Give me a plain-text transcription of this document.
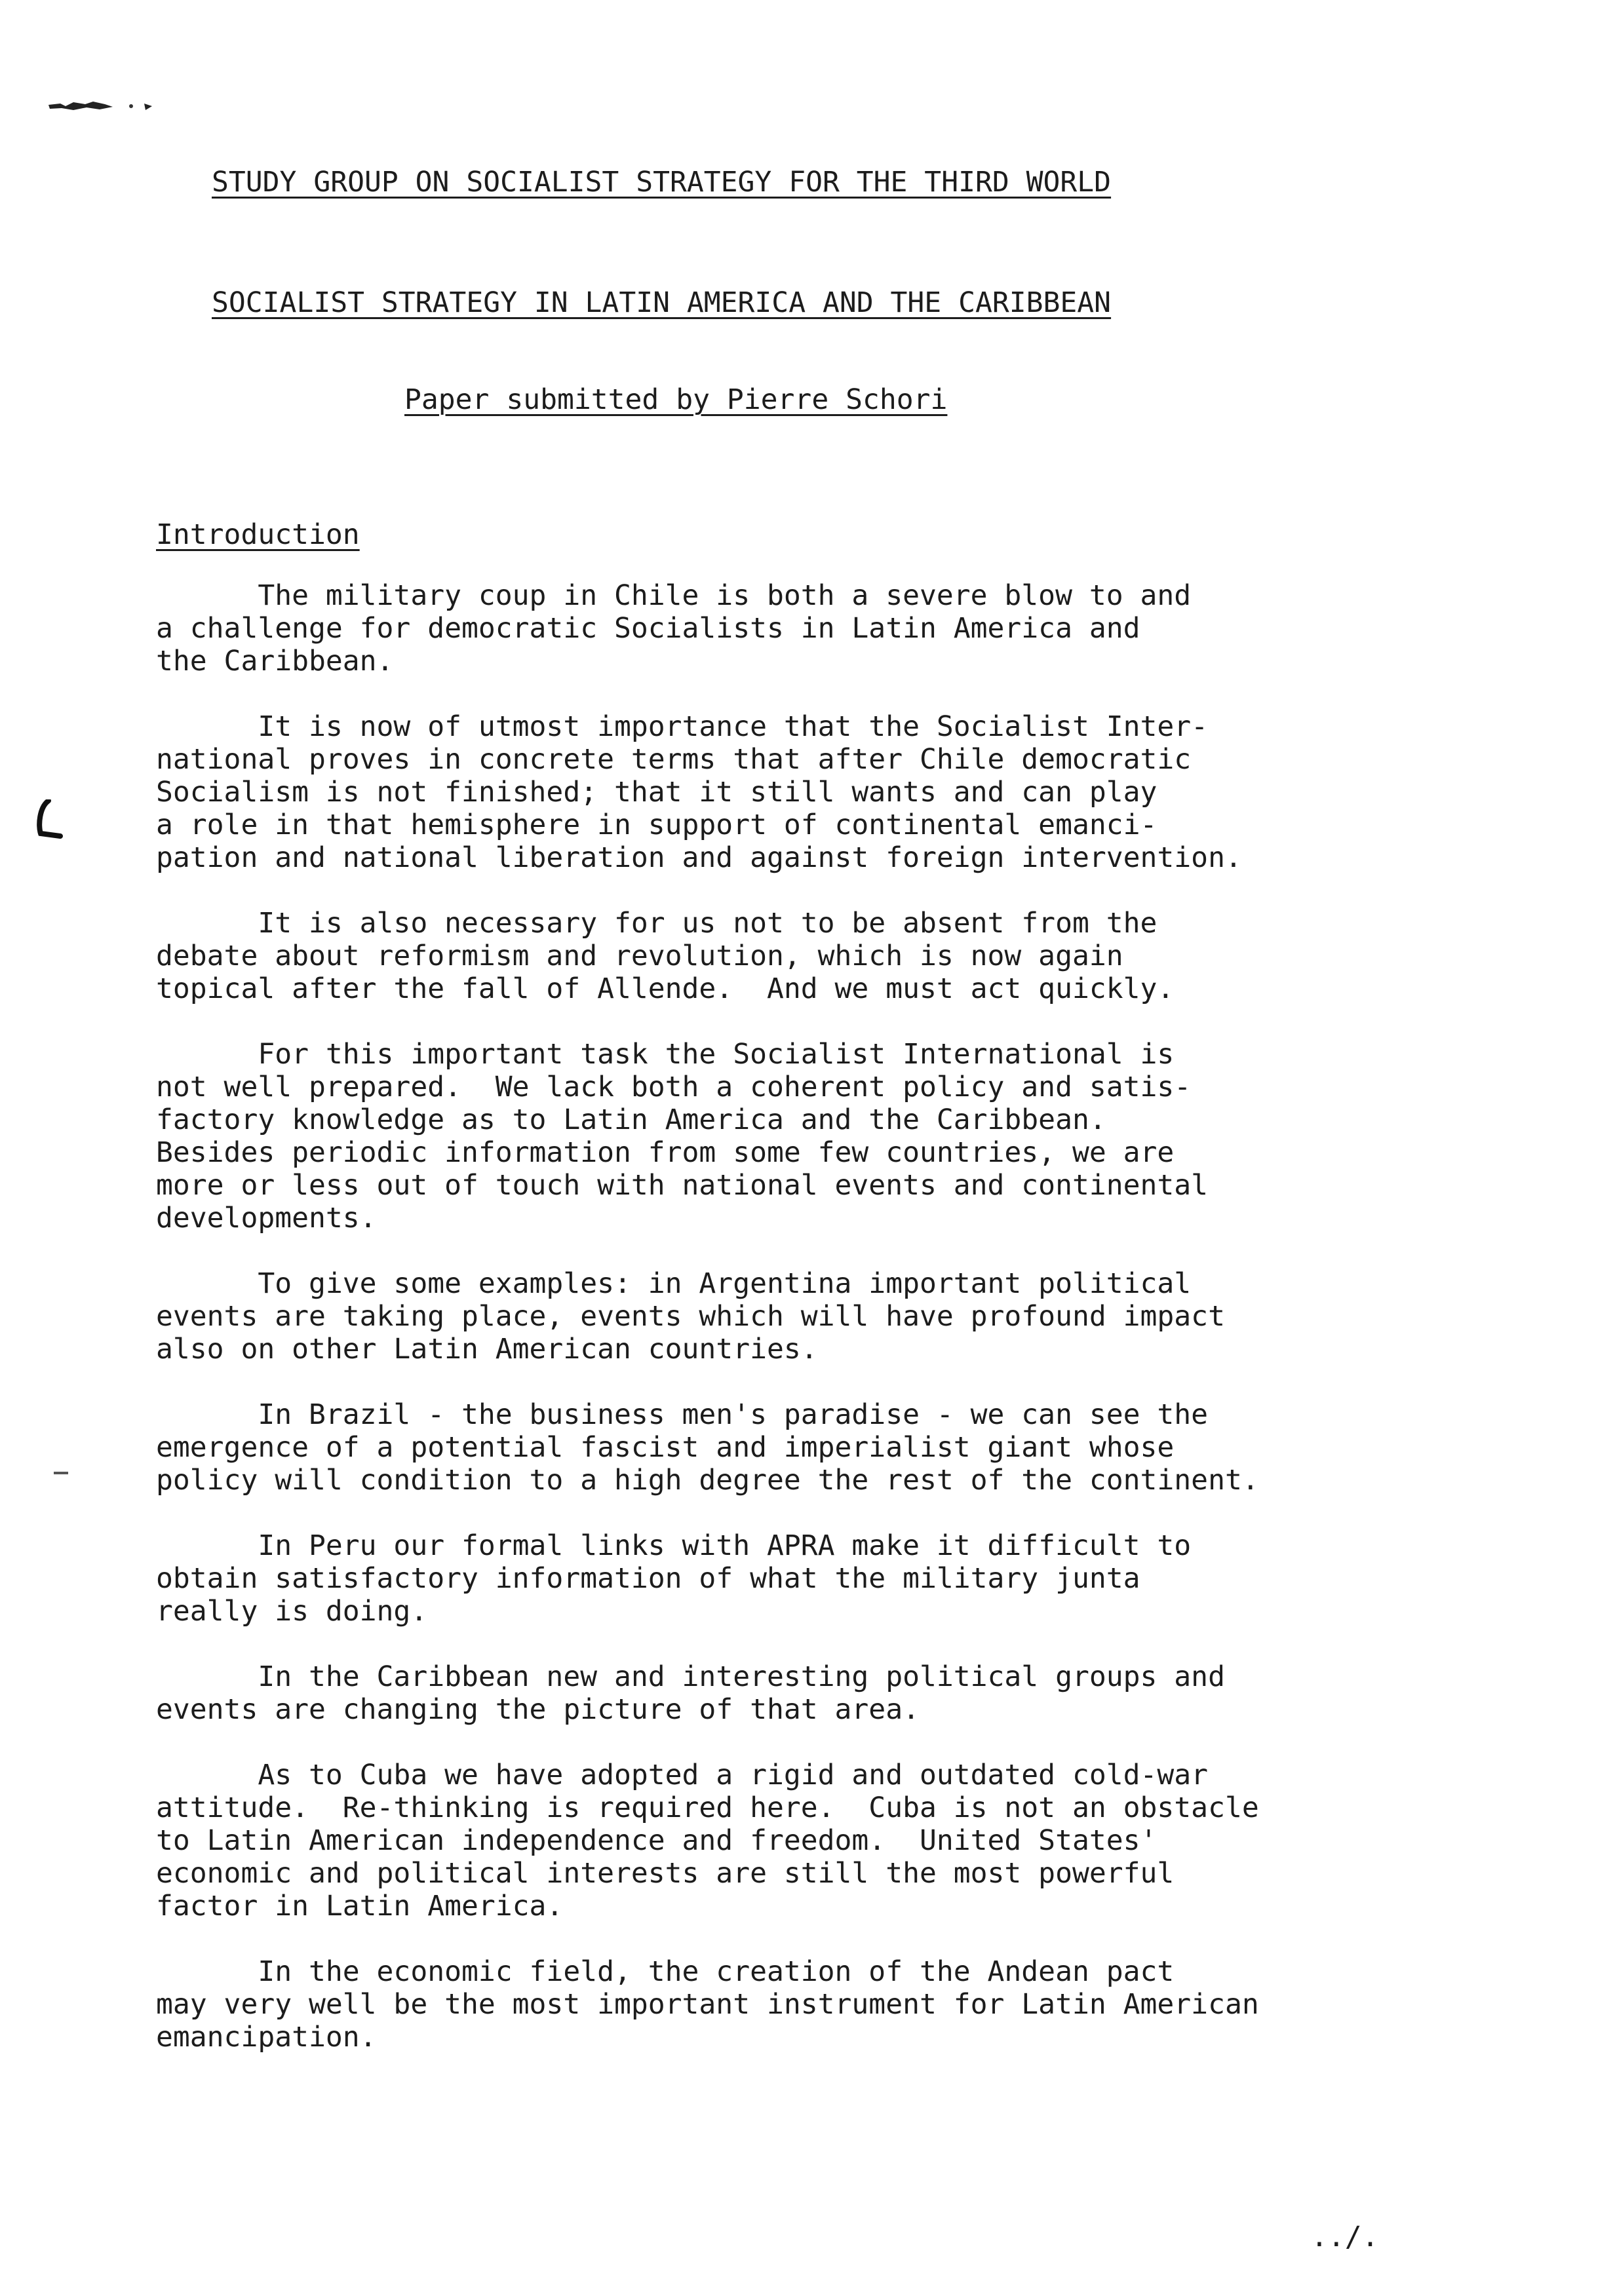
STUDY GROUP ON SOCIALIST STRATEGY FOR THE THIRD WORLD
SOCIALIST STRATEGY IN LATIN AMERICA AND THE CARIBBEAN
Paper submitted by Pierre Schori
Introduction

The military coup in Chile is both a severe blow to and
a challenge for democratic Socialists in Latin America and
the Caribbean.

It is now of utmost importance that the Socialist Inter-
national proves in concrete terms that after Chile democratic
Socialism is not finished; that it still wants and can play
a role in that hemisphere in support of continental emanci-
pation and national liberation and against foreign intervention.

It is also necessary for us not to be absent from the
debate about reformism and revolution, which is now again
topical after the fall of Allende.  And we must act quickly.

For this important task the Socialist International is
not well prepared.  We lack both a coherent policy and satis-
factory knowledge as to Latin America and the Caribbean.
Besides periodic information from some few countries, we are
more or less out of touch with national events and continental
developments.

To give some examples: in Argentina important political
events are taking place, events which will have profound impact
also on other Latin American countries.

In Brazil - the business men's paradise - we can see the
emergence of a potential fascist and imperialist giant whose
policy will condition to a high degree the rest of the continent.

In Peru our formal links with APRA make it difficult to
obtain satisfactory information of what the military junta
really is doing.

In the Caribbean new and interesting political groups and
events are changing the picture of that area.

As to Cuba we have adopted a rigid and outdated cold-war
attitude.  Re-thinking is required here.  Cuba is not an obstacle
to Latin American independence and freedom.  United States'
economic and political interests are still the most powerful
factor in Latin America.

In the economic field, the creation of the Andean pact
may very well be the most important instrument for Latin American
emancipation.

../.
